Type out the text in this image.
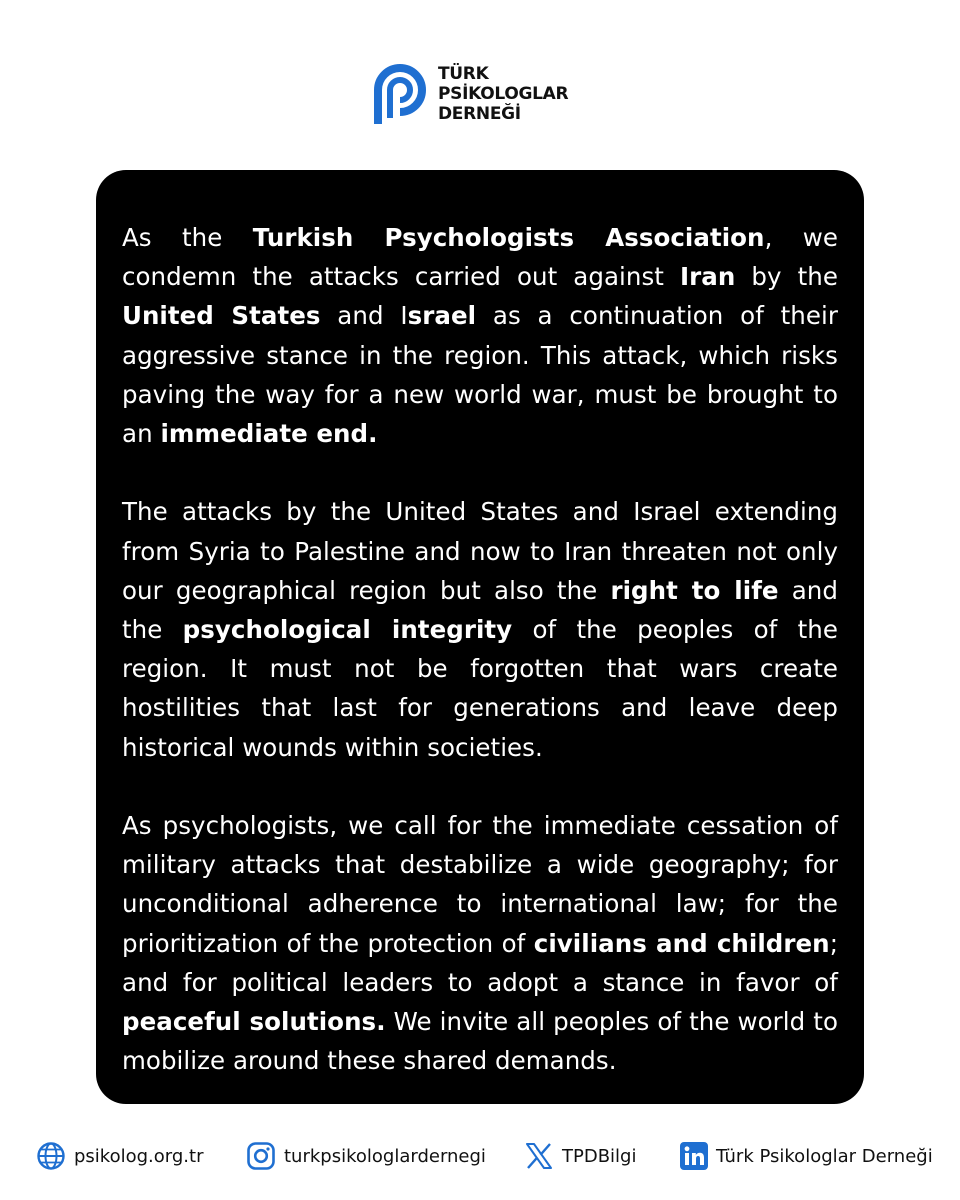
TÜRK
PSİKOLOGLAR
DERNEĞİ

As the Turkish Psychologists Association, we condemn the attacks carried out against Iran by the United States and Israel as a continuation of their aggressive stance in the region. This attack, which risks paving the way for a new world war, must be brought to an immediate end.

The attacks by the United States and Israel extending from Syria to Palestine and now to Iran threaten not only our geographical region but also the right to life and the psychological integrity of the peoples of the region. It must not be forgotten that wars create hostilities that last for generations and leave deep historical wounds within societies.

As psychologists, we call for the immediate cessation of military attacks that destabilize a wide geography; for unconditional adherence to international law; for the prioritization of the protection of civilians and children; and for political leaders to adopt a stance in favor of peaceful solutions. We invite all peoples of the world to mobilize around these shared demands.

psikolog.org.tr	turkpsikologlardernegi	TPDBilgi	Türk Psikologlar Derneği
